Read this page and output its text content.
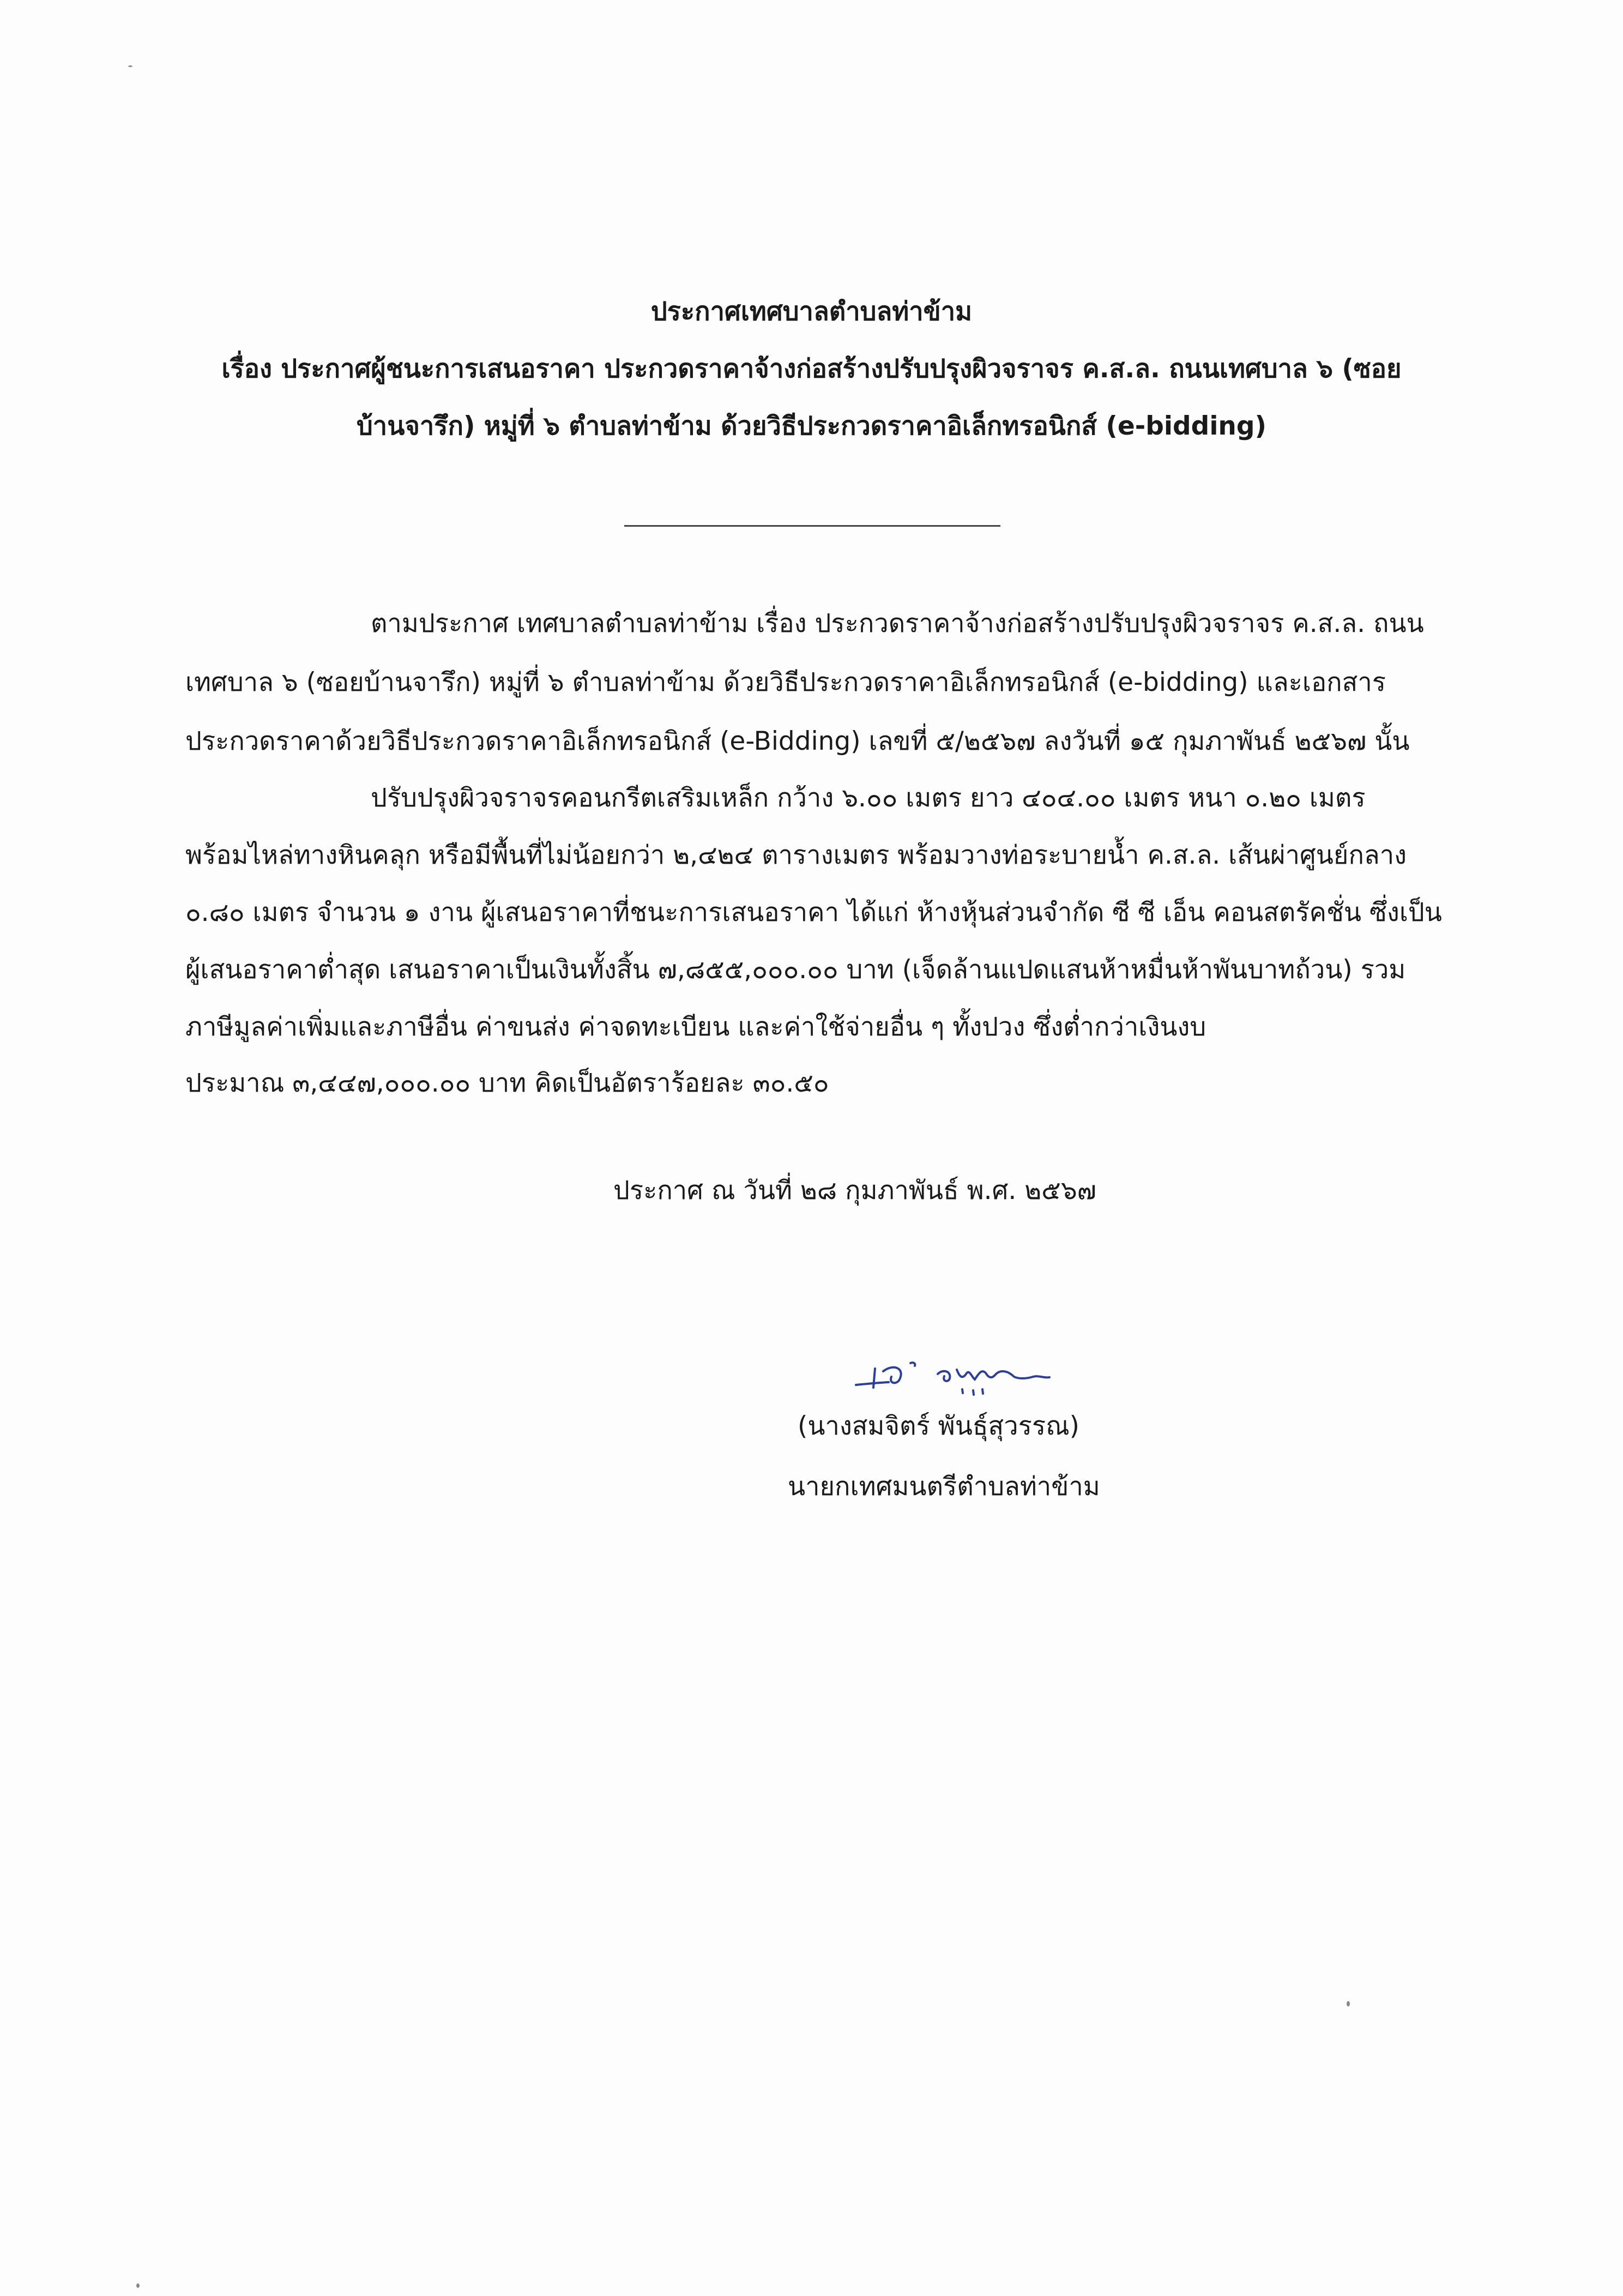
ประกาศเทศบาลตำบลท่าข้าม
เรื่อง ประกาศผู้ชนะการเสนอราคา ประกวดราคาจ้างก่อสร้างปรับปรุงผิวจราจร ค.ส.ล. ถนนเทศบาล ๖ (ซอย
บ้านจารึก) หมู่ที่ ๖ ตำบลท่าข้าม ด้วยวิธีประกวดราคาอิเล็กทรอนิกส์ (e-bidding)
ตามประกาศ เทศบาลตำบลท่าข้าม เรื่อง ประกวดราคาจ้างก่อสร้างปรับปรุงผิวจราจร ค.ส.ล. ถนน
เทศบาล ๖ (ซอยบ้านจารึก) หมู่ที่ ๖ ตำบลท่าข้าม ด้วยวิธีประกวดราคาอิเล็กทรอนิกส์ (e-bidding) และเอกสาร
ประกวดราคาด้วยวิธีประกวดราคาอิเล็กทรอนิกส์ (e-Bidding) เลขที่ ๕/๒๕๖๗ ลงวันที่ ๑๕ กุมภาพันธ์ ๒๕๖๗ นั้น
ปรับปรุงผิวจราจรคอนกรีตเสริมเหล็ก กว้าง ๖.๐๐ เมตร ยาว ๔๐๔.๐๐ เมตร หนา ๐.๒๐ เมตร
พร้อมไหล่ทางหินคลุก หรือมีพื้นที่ไม่น้อยกว่า ๒,๔๒๔ ตารางเมตร พร้อมวางท่อระบายน้ำ ค.ส.ล. เส้นผ่าศูนย์กลาง
๐.๘๐ เมตร จำนวน ๑ งาน ผู้เสนอราคาที่ชนะการเสนอราคา ได้แก่ ห้างหุ้นส่วนจำกัด ซี ซี เอ็น คอนสตรัคชั่น ซึ่งเป็น
ผู้เสนอราคาต่ำสุด เสนอราคาเป็นเงินทั้งสิ้น ๗,๘๕๕,๐๐๐.๐๐ บาท (เจ็ดล้านแปดแสนห้าหมื่นห้าพันบาทถ้วน) รวม
ภาษีมูลค่าเพิ่มและภาษีอื่น ค่าขนส่ง ค่าจดทะเบียน และค่าใช้จ่ายอื่น ๆ ทั้งปวง ซึ่งต่ำกว่าเงินงบ
ประมาณ ๓,๔๔๗,๐๐๐.๐๐ บาท คิดเป็นอัตราร้อยละ ๓๐.๕๐
ประกาศ ณ วันที่ ๒๘ กุมภาพันธ์ พ.ศ. ๒๕๖๗
(นางสมจิตร์ พันธุ์สุวรรณ)
นายกเทศมนตรีตำบลท่าข้าม
